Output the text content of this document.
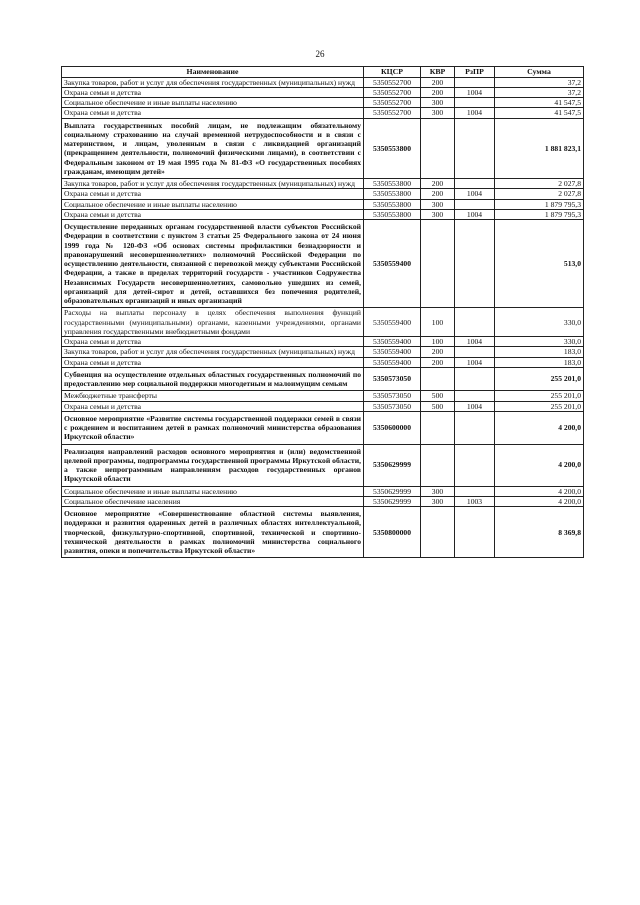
26
Наименование	КЦСР	КВР	РзПР	Сумма
Закупка товаров, работ и услуг для обеспечения государственных (муниципальных) нужд	5350552700	200		37,2
Охрана семьи и детства	5350552700	200	1004	37,2
Социальное обеспечение и иные выплаты населению	5350552700	300		41 547,5
Охрана семьи и детства	5350552700	300	1004	41 547,5
Выплата государственных пособий лицам, не подлежащим обязательному социальному страхованию на случай временной нетрудоспособности и в связи с материнством, и лицам, уволенным в связи с ликвидацией организаций (прекращением деятельности, полномочий физическими лицами), в соответствии с Федеральным законом от 19 мая 1995 года № 81-ФЗ «О государственных пособиях гражданам, имеющим детей»	5350553800			1 881 823,1
Закупка товаров, работ и услуг для обеспечения государственных (муниципальных) нужд	5350553800	200		2 027,8
Охрана семьи и детства	5350553800	200	1004	2 027,8
Социальное обеспечение и иные выплаты населению	5350553800	300		1 879 795,3
Охрана семьи и детства	5350553800	300	1004	1 879 795,3
Осуществление переданных органам государственной власти субъектов Российской Федерации в соответствии с пунктом 3 статьи 25 Федерального закона от 24 июня 1999 года № 120-ФЗ «Об основах системы профилактики безнадзорности и правонарушений несовершеннолетних» полномочий Российской Федерации по осуществлению деятельности, связанной с перевозкой между субъектами Российской Федерации, а также в пределах территорий государств - участников Содружества Независимых Государств несовершеннолетних, самовольно ушедших из семей, организаций для детей-сирот и детей, оставшихся без попечения родителей, образовательных организаций и иных организаций	5350559400			513,0
Расходы на выплаты персоналу в целях обеспечения выполнения функций государственными (муниципальными) органами, казенными учреждениями, органами управления государственными внебюджетными фондами	5350559400	100		330,0
Охрана семьи и детства	5350559400	100	1004	330,0
Закупка товаров, работ и услуг для обеспечения государственных (муниципальных) нужд	5350559400	200		183,0
Охрана семьи и детства	5350559400	200	1004	183,0
Субвенция на осуществление отдельных областных государственных полномочий по предоставлению мер социальной поддержки многодетным и малоимущим семьям	5350573050			255 201,0
Межбюджетные трансферты	5350573050	500		255 201,0
Охрана семьи и детства	5350573050	500	1004	255 201,0
Основное мероприятие «Развитие системы государственной поддержки семей в связи с рождением и воспитанием детей в рамках полномочий министерства образования Иркутской области»	5350600000			4 200,0
Реализация направлений расходов основного мероприятия и (или) ведомственной целевой программы, подпрограммы государственной программы Иркутской области, а также непрограммным направлениям расходов государственных органов Иркутской области	5350629999			4 200,0
Социальное обеспечение и иные выплаты населению	5350629999	300		4 200,0
Социальное обеспечение населения	5350629999	300	1003	4 200,0
Основное мероприятие «Совершенствование областной системы выявления, поддержки и развития одаренных детей в различных областях интеллектуальной, творческой, физкультурно-спортивной, спортивной, технической и спортивно-технической деятельности в рамках полномочий министерства социального развития, опеки и попечительства Иркутской области»	5350800000			8 369,8
